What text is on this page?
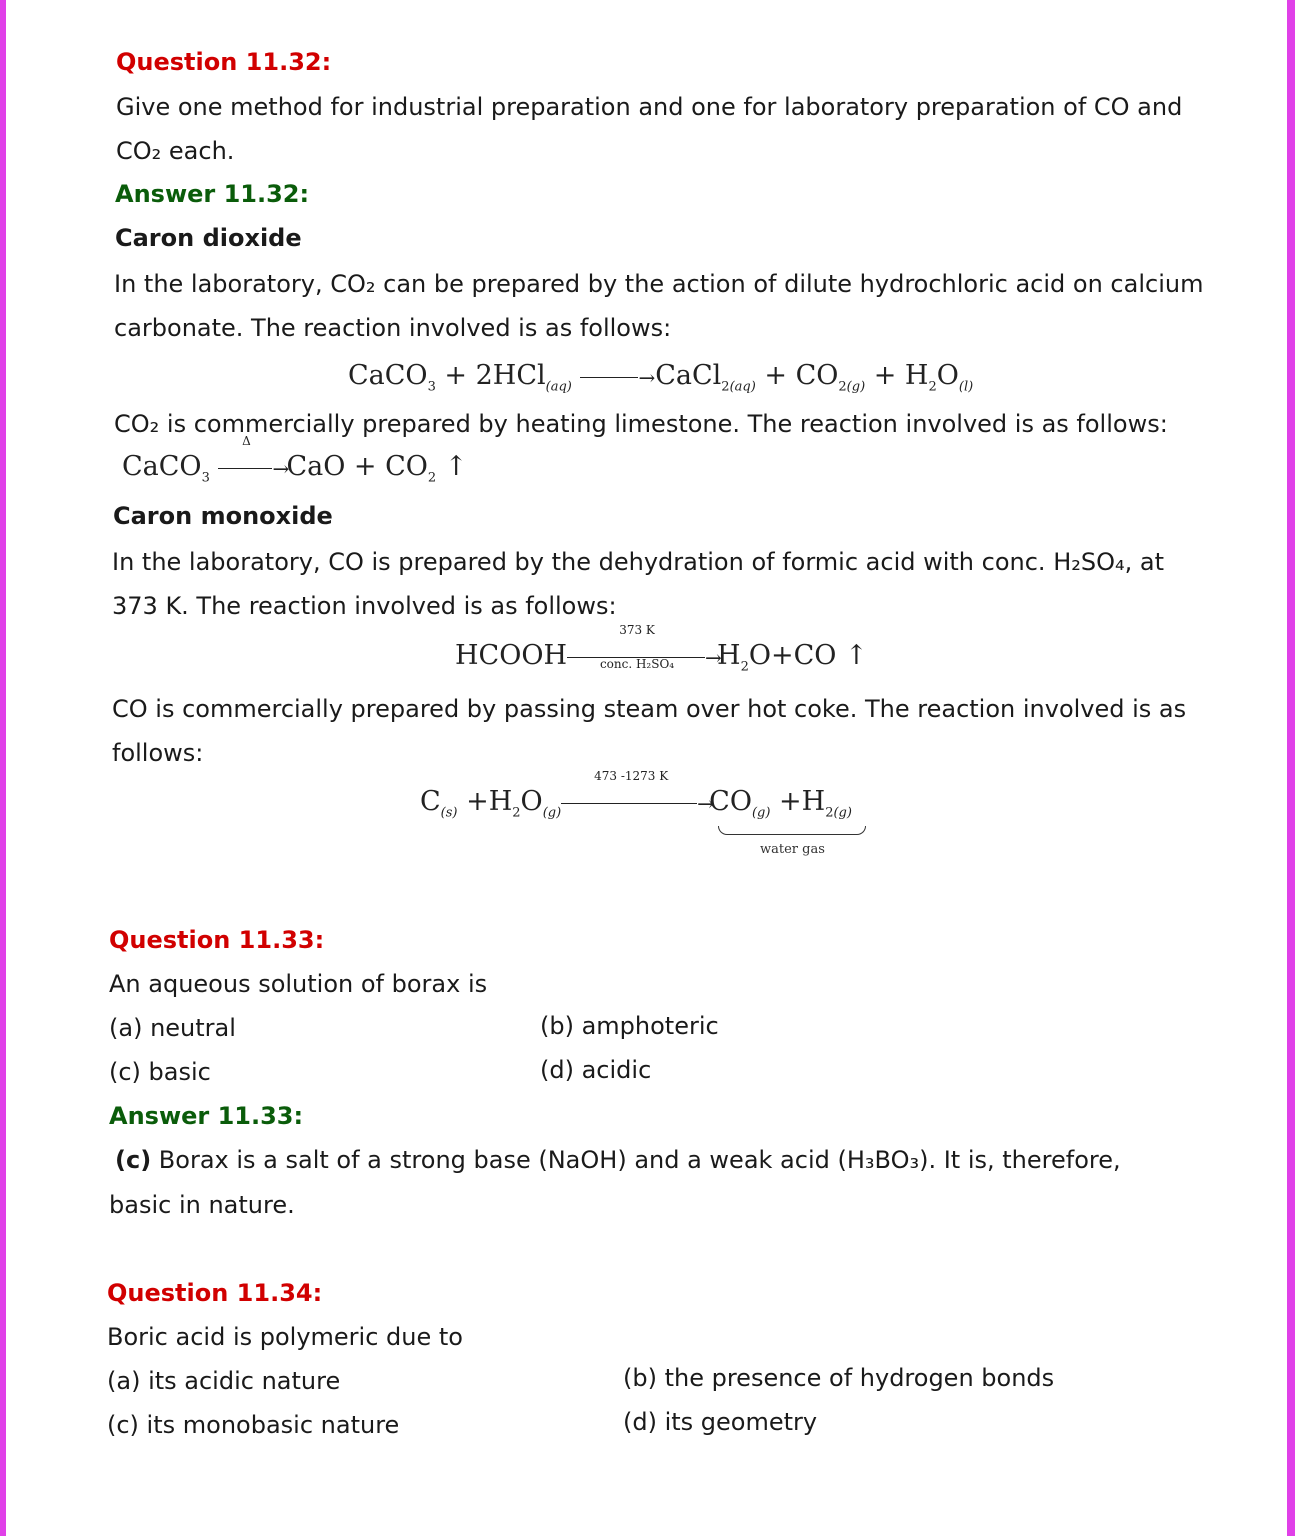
Question 11.32:
Give one method for industrial preparation and one for laboratory preparation of CO and
CO₂ each.
Answer 11.32:
Caron dioxide
In the laboratory, CO₂ can be prepared by the action of dilute hydrochloric acid on calcium
carbonate. The reaction involved is as follows:
CaCO$_3$ + 2HCl$_{(aq)}$	→CaCl$_{2(aq)}$ + $CO_{2(g)} + H_2O_{(l)}$
CO₂ is commercially prepared by heating limestone. The reaction involved is as follows:
CaCO$_3$
Δ
$\to CaO + CO_2$ ↑
Caron monoxide
In the laboratory, CO is prepared by the dehydration of formic acid with conc. H₂SO₄, at
373 K. The reaction involved is as follows:
HCOOH
373 K
→
conc. H₂SO₄	$H_2O+CO$ ↑
CO is commercially prepared by passing steam over hot coke. The reaction involved is as
follows:
$C_{(s)} +H_2O_{(g)}$
473 -1273 K
$\to CO_{(g)} +H_{2(g)}$
water gas
Question 11.33:
An aqueous solution of borax is
(a) neutral	(b) amphoteric
(c) basic	(d) acidic
Answer 11.33:
(c) Borax is a salt of a strong base (NaOH) and a weak acid (H₃BO₃). It is, therefore,
basic in nature.
Question 11.34:
Boric acid is polymeric due to
(a) its acidic nature	(b) the presence of hydrogen bonds
(c) its monobasic nature	(d) its geometry
